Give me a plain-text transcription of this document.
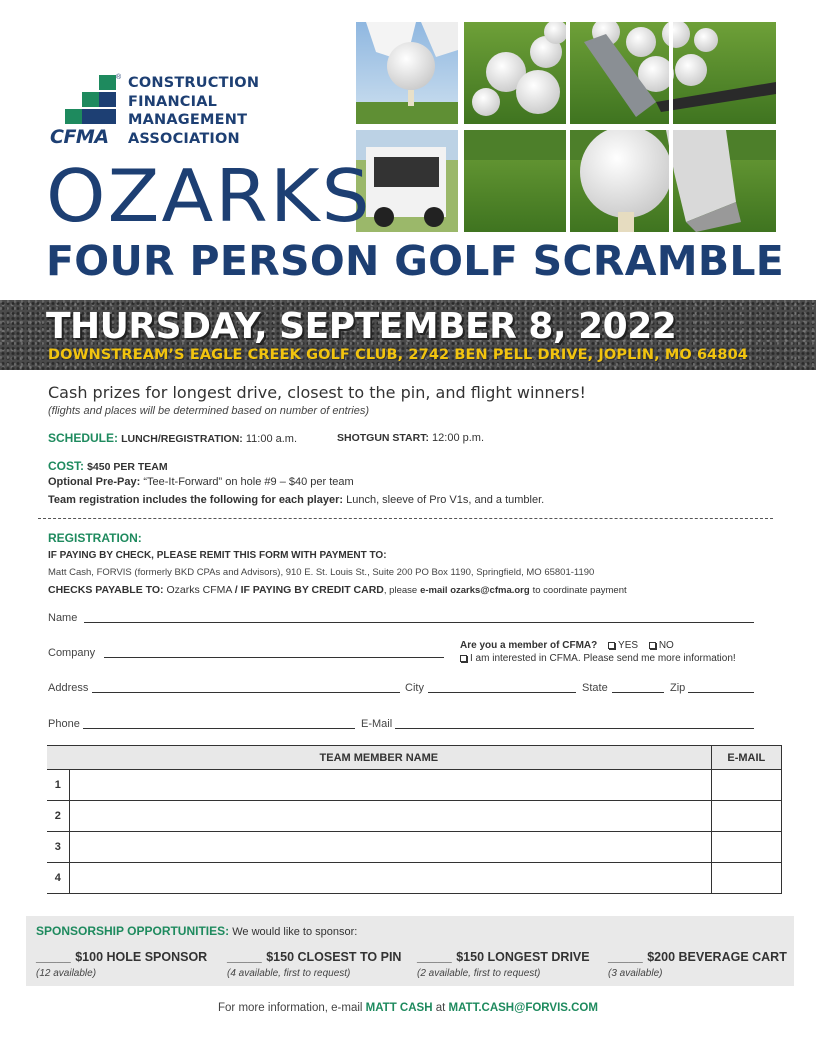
® CONSTRUCTION
FINANCIAL
MANAGEMENT
ASSOCIATION
CFMA
OZARKS
FOUR PERSON GOLF SCRAMBLE
THURSDAY, SEPTEMBER 8, 2022
DOWNSTREAM’S EAGLE CREEK GOLF CLUB, 2742 BEN PELL DRIVE, JOPLIN, MO 64804
Cash prizes for longest drive, closest to the pin, and flight winners!
(flights and places will be determined based on number of entries)
SCHEDULE: LUNCH/REGISTRATION: 11:00 a.m.	SHOTGUN START: 12:00 p.m.
COST: $450 PER TEAM
Optional Pre-Pay: “Tee-It-Forward” on hole #9 – $40 per team
Team registration includes the following for each player: Lunch, sleeve of Pro V1s, and a tumbler.
REGISTRATION:
IF PAYING BY CHECK, PLEASE REMIT THIS FORM WITH PAYMENT TO:
Matt Cash, FORVIS (formerly BKD CPAs and Advisors), 910 E. St. Louis St., Suite 200 PO Box 1190, Springfield, MO 65801-1190
CHECKS PAYABLE TO: Ozarks CFMA / IF PAYING BY CREDIT CARD, please e-mail ozarks@cfma.org to coordinate payment
Name
Company
Are you a member of CFMA? YES NO
I am interested in CFMA. Please send me more information!
Address	City	State	Zip
Phone	E-Mail
TEAM MEMBER NAME		E-MAIL
1		
2		
3		
4		
SPONSORSHIP OPPORTUNITIES: We would like to sponsor:
_____ $100 HOLE SPONSOR
(12 available)
_____ $150 CLOSEST TO PIN
(4 available, first to request)
_____ $150 LONGEST DRIVE
(2 available, first to request)
_____ $200 BEVERAGE CART
(3 available)
For more information, e-mail MATT CASH at MATT.CASH@FORVIS.COM
